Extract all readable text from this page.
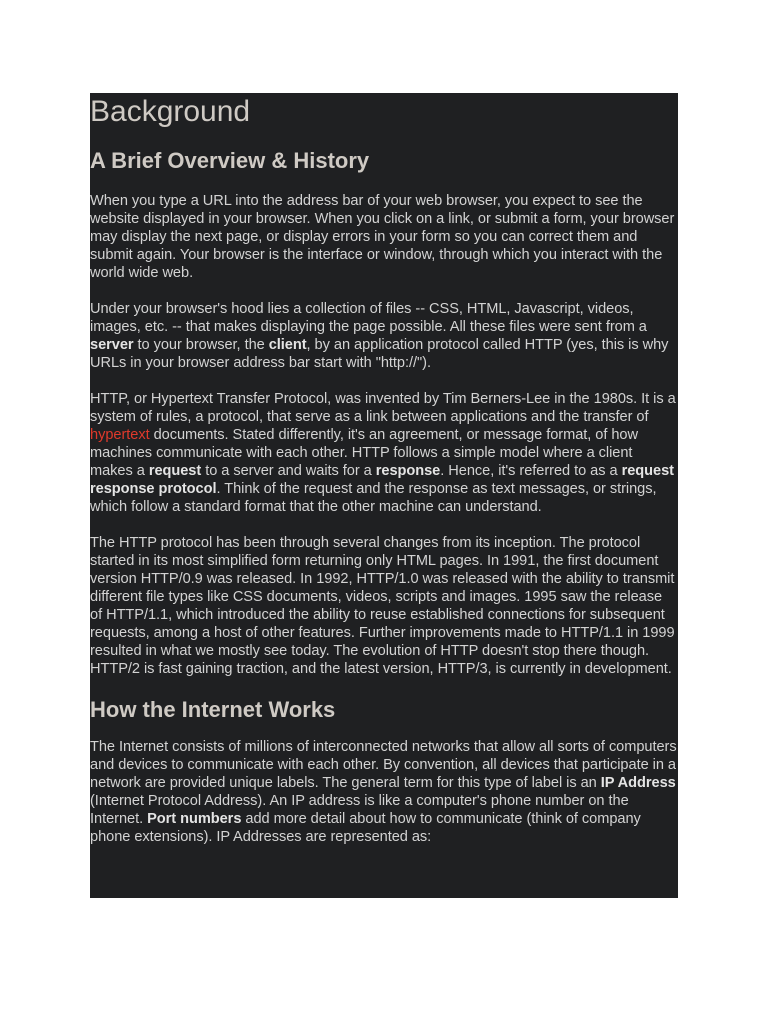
Background
A Brief Overview & History

When you type a URL into the address bar of your web browser, you expect to see the website displayed in your browser. When you click on a link, or submit a form, your browser may display the next page, or display errors in your form so you can correct them and submit again. Your browser is the interface or window, through which you interact with the world wide web.

Under your browser's hood lies a collection of files -- CSS, HTML, Javascript, videos, images, etc. -- that makes displaying the page possible. All these files were sent from a server to your browser, the client, by an application protocol called HTTP (yes, this is why URLs in your browser address bar start with "http://").

HTTP, or Hypertext Transfer Protocol, was invented by Tim Berners-Lee in the 1980s. It is a system of rules, a protocol, that serve as a link between applications and the transfer of hypertext documents. Stated differently, it's an agreement, or message format, of how machines communicate with each other. HTTP follows a simple model where a client makes a request to a server and waits for a response. Hence, it's referred to as a request response protocol. Think of the request and the response as text messages, or strings, which follow a standard format that the other machine can understand.

The HTTP protocol has been through several changes from its inception. The protocol started in its most simplified form returning only HTML pages. In 1991, the first document version HTTP/0.9 was released. In 1992, HTTP/1.0 was released with the ability to transmit different file types like CSS documents, videos, scripts and images. 1995 saw the release of HTTP/1.1, which introduced the ability to reuse established connections for subsequent requests, among a host of other features. Further improvements made to HTTP/1.1 in 1999 resulted in what we mostly see today. The evolution of HTTP doesn't stop there though. HTTP/2 is fast gaining traction, and the latest version, HTTP/3, is currently in development.

How the Internet Works

The Internet consists of millions of interconnected networks that allow all sorts of computers and devices to communicate with each other. By convention, all devices that participate in a network are provided unique labels. The general term for this type of label is an IP Address (Internet Protocol Address). An IP address is like a computer's phone number on the Internet. Port numbers add more detail about how to communicate (think of company phone extensions). IP Addresses are represented as:
